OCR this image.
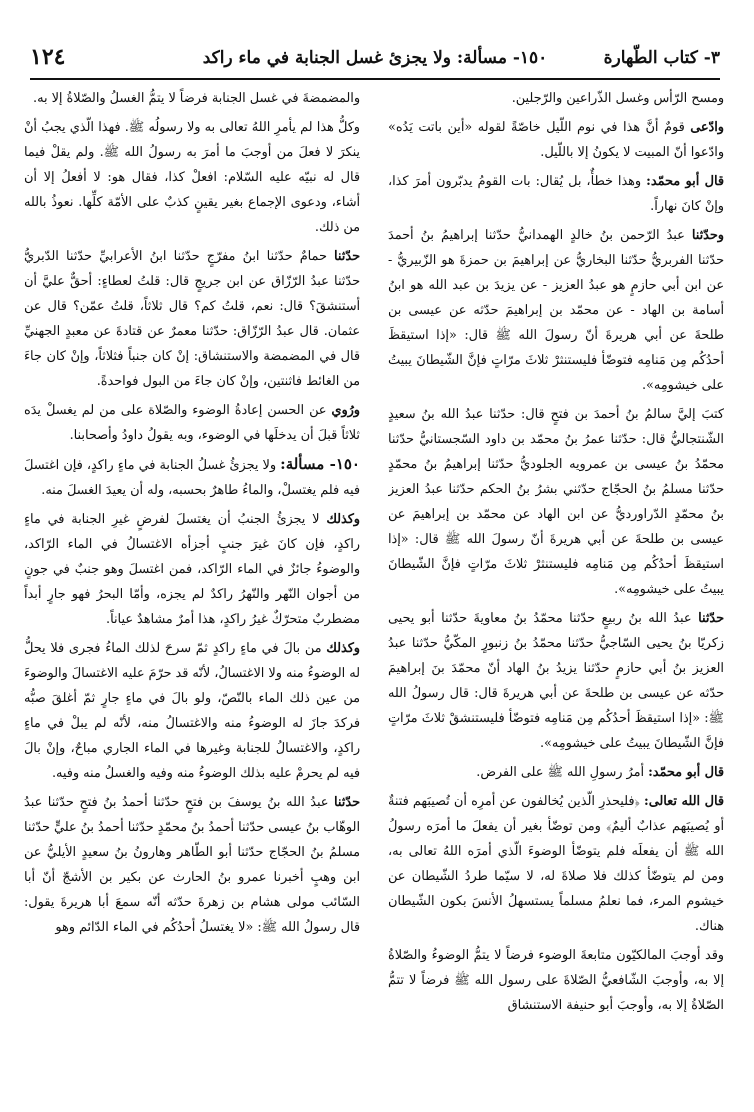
٣- كتاب الطّهارة
١٥٠- مسألة: ولا يجزئ غسل الجنابة في ماء راكد
١٢٤

ومسح الرّأس وغسل الذّراعين والرّجلين.

وادّعى قومٌ أنَّ هذا في نوم اللّيل خاصّةً لقوله «أين باتت يَدُه» وادّعوا أنّ المبيت لا يكونُ إلا باللّيل.

قال أبو محمّد: وهذا خطأٌ، بل يُقال: بات القومُ يدبّرون أمرَ كذا، وإنْ كانَ نهاراً.

وحدّثنا عبدُ الرّحمن بنُ خالدٍ الهمدانيُّ حدّثنا إبراهيمُ بنُ أحمدَ حدّثنا الفربريُّ حدّثنا البخاريُّ عن إبراهيمَ بن حمزةَ هو الزّبيريُّ - عن ابن أبي حازمٍ هو عبدُ العزيز - عن يزيدَ بن عبد الله هو ابنُ أسامة بن الهاد - عن محمّد بن إبراهيمَ حدّثه عن عيسى بن طلحةَ عن أبي هريرةَ أنّ رسولَ الله ﷺ قال: «إذا استيقظَ أحدُكُم مِن مَنامِه فتوضّأ فليستنثرْ ثلاثَ مرّاتٍ فإنَّ الشّيطانَ يبيتُ على خيشومِه».

كتبَ إليَّ سالمُ بنُ أحمدَ بن فتحٍ قال: حدّثنا عبدُ الله بنُ سعيدٍ الشّنتجاليُّ قال: حدّثنا عمرُ بنُ محمّد بن داود السّجستانيُّ حدّثنا محمّدُ بنُ عيسى بن عمرويه الجلوديُّ حدّثنا إبراهيمُ بنُ محمّدٍ حدّثنا مسلمُ بنُ الحجّاج حدّثني بشرُ بنُ الحكم حدّثنا عبدُ العزيز بنُ محمّدٍ الدّراورديُّ عن ابن الهاد عن محمّد بن إبراهيمَ عن عيسى بن طلحةَ عن أبي هريرةَ أنّ رسولَ الله ﷺ قال: «إذا استيقظَ أحدُكُم مِن مَنامِه فليستنثرْ ثلاثَ مرّاتٍ فإنَّ الشّيطانَ يبيتُ على خيشومِه».

حدّثنا عبدُ الله بنُ ربيعٍ حدّثنا محمّدُ بنُ معاويةَ حدّثنا أبو يحيى زكريّا بنُ يحيى السّاجيُّ حدّثنا محمّدُ بنُ زنبورٍ المكّيُّ حدّثنا عبدُ العزيز بنُ أبي حازمٍ حدّثنا يزيدُ بنُ الهاد أنّ محمّدَ بنَ إبراهيمَ حدّثه عن عيسى بن طلحةَ عن أبي هريرةَ قال: قال رسولُ الله ﷺ: «إذا استيقظَ أحدُكُم مِن مَنامِه فتوضّأ فليستنشقْ ثلاثَ مرّاتٍ فإنَّ الشّيطانَ يبيتُ على خيشومِه».

قال أبو محمّد: أمرُ رسولِ الله ﷺ على الفرض.

قال الله تعالى: ﴿فليحذرِ الّذين يُخالفون عن أمرِه أن تُصيبَهم فتنةٌ أو يُصيبَهم عذابٌ أليمٌ﴾ ومن توضّأ بغير أن يفعلَ ما أمرَه رسولُ الله ﷺ أن يفعلَه فلم يتوضّأ الوضوءَ الّذي أمرَه اللهُ تعالى به، ومن لم يتوضّأ كذلك فلا صلاةَ له، لا سيّما طردُ الشّيطان عن خيشوم المرء، فما نعلمُ مسلماً يستسهلُ الأنسَ بكون الشّيطان هناك.

وقد أوجبَ المالكيّون متابعةَ الوضوء فرضاً لا يتمُّ الوضوءُ والصّلاةُ إلا به، وأوجبَ الشّافعيُّ الصّلاةَ على رسول الله ﷺ فرضاً لا تتمُّ الصّلاةُ إلا به، وأوجبَ أبو حنيفة الاستنشاق

والمضمضةَ في غسل الجنابة فرضاً لا يتمُّ الغسلُ والصّلاةُ إلا به.

وكلُّ هذا لم يأمرِ اللهُ تعالى به ولا رسولُه ﷺ. فهذا الّذي يجبُ أنْ ينكرَ لا فعلَ من أوجبَ ما أمرَ به رسولُ الله ﷺ. ولم يقلْ فيما قال له نبيّه عليه السّلام: افعلْ كذا، فقال هو: لا أفعلُ إلا أن أشاء، ودعوى الإجماع بغير يقينٍ كذبٌ على الأمّة كلِّها. نعوذُ بالله من ذلك.

حدّثنا حمامٌ حدّثنا ابنُ مفرّجٍ حدّثنا ابنُ الأعرابيِّ حدّثنا الدّبريُّ حدّثنا عبدُ الرّزّاق عن ابن جريجٍ قال: قلتُ لعطاءٍ: أحقٌّ عليَّ أن أستنشقَ؟ قال: نعم، قلتُ كم؟ قال ثلاثاً، قلتُ عمّن؟ قال عن عثمان. قال عبدُ الرّزّاق: حدّثنا معمرٌ عن قتادةَ عن معبدٍ الجهنيِّ قال في المضمضة والاستنشاق: إنْ كان جنباً فثلاثاً، وإنْ كان جاءَ من الغائط فاثنتين، وإنْ كان جاءَ من البول فواحدةً.

ورُوي عن الحسن إعادةُ الوضوء والصّلاة على من لم يغسلْ يدَه ثلاثاً قبلَ أن يدخلَها في الوضوء، وبه يقولُ داودُ وأصحابنا.

١٥٠- مسألة: ولا يجزئُ غسلُ الجنابة في ماءٍ راكدٍ، فإن اغتسلَ فيه فلم يغتسلْ، والماءُ طاهرٌ بحسبه، وله أن يعيدَ الغسلَ منه.

وكذلك لا يجزئُ الجنبُ أن يغتسلَ لفرضٍ غيرِ الجنابة في ماءٍ راكدٍ، فإن كانَ غيرَ جنبٍ أجزأه الاغتسالُ في الماء الرّاكد، والوضوءُ جائزٌ في الماء الرّاكد، فمن اغتسلَ وهو جنبٌ في جونٍ من أجوان النّهر والنّهرُ راكدٌ لم يجزه، وأمّا البحرُ فهو جارٍ أبداً مضطربٌ متحرّكٌ غيرُ راكدٍ، هذا أمرٌ مشاهدٌ عياناً.

وكذلك من بالَ في ماءٍ راكدٍ ثمّ سرحَ لذلك الماءُ فجرى فلا يحلُّ له الوضوءُ منه ولا الاغتسالُ، لأنّه قد حرّمَ عليه الاغتسالَ والوضوءَ من عين ذلك الماء بالنّصّ، ولو بالَ في ماءٍ جارٍ ثمّ أغلقَ صبُّه فركدَ جازَ له الوضوءُ منه والاغتسالُ منه، لأنّه لم يبلْ في ماءٍ راكدٍ، والاغتسالُ للجنابة وغيرها في الماء الجاري مباحٌ، وإنْ بالَ فيه لم يحرمْ عليه بذلك الوضوءُ منه وفيه والغسلُ منه وفيه.

حدّثنا عبدُ الله بنُ يوسفَ بن فتحٍ حدّثنا أحمدُ بنُ فتحٍ حدّثنا عبدُ الوهّاب بنُ عيسى حدّثنا أحمدُ بنُ محمّدٍ حدّثنا أحمدُ بنُ عليٍّ حدّثنا مسلمُ بنُ الحجّاج حدّثنا أبو الطّاهر وهارونُ بنُ سعيدٍ الأيليُّ عن ابن وهبٍ أخبرنا عمرو بنُ الحارث عن بكير بن الأشجّ أنّ أبا السّائب مولى هشام بن زهرةَ حدّثه أنّه سمعَ أبا هريرةَ يقول: قال رسولُ الله ﷺ: «لا يغتسلُ أحدُكُم في الماء الدّائم وهو
